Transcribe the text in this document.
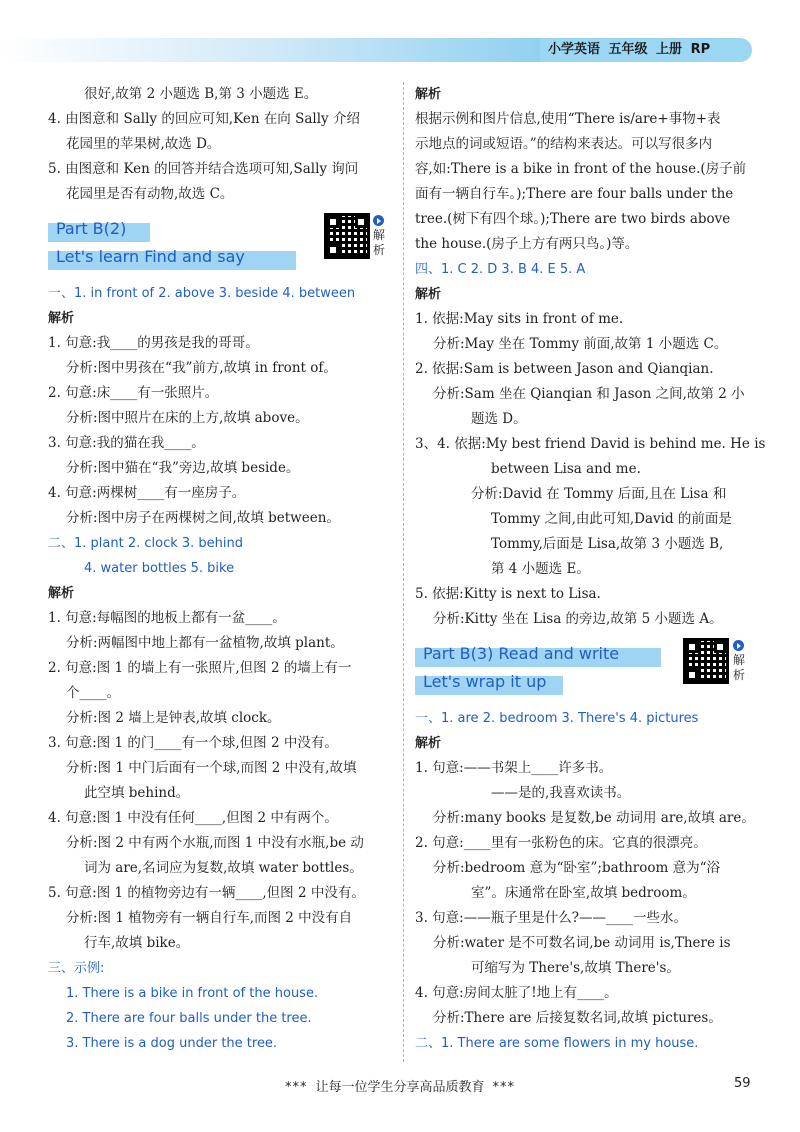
小学英语 五年级 上册 RP
很好,故第 2 小题选 B,第 3 小题选 E。
4. 由图意和 Sally 的回应可知,Ken 在向 Sally 介绍
花园里的苹果树,故选 D。
5. 由图意和 Ken 的回答并结合选项可知,Sally 询问
花园里是否有动物,故选 C。
Part B(2)
Let's learn Find and say
解析
一、1. in front of 2. above 3. beside 4. between
解析
1. 句意:我____的男孩是我的哥哥。
分析:图中男孩在“我”前方,故填 in front of。
2. 句意:床____有一张照片。
分析:图中照片在床的上方,故填 above。
3. 句意:我的猫在我____。
分析:图中猫在“我”旁边,故填 beside。
4. 句意:两棵树____有一座房子。
分析:图中房子在两棵树之间,故填 between。
二、1. plant 2. clock 3. behind
4. water bottles 5. bike
解析
1. 句意:每幅图的地板上都有一盆____。
分析:两幅图中地上都有一盆植物,故填 plant。
2. 句意:图 1 的墙上有一张照片,但图 2 的墙上有一
个____。
分析:图 2 墙上是钟表,故填 clock。
3. 句意:图 1 的门____有一个球,但图 2 中没有。
分析:图 1 中门后面有一个球,而图 2 中没有,故填
此空填 behind。
4. 句意:图 1 中没有任何____,但图 2 中有两个。
分析:图 2 中有两个水瓶,而图 1 中没有水瓶,be 动
词为 are,名词应为复数,故填 water bottles。
5. 句意:图 1 的植物旁边有一辆____,但图 2 中没有。
分析:图 1 植物旁有一辆自行车,而图 2 中没有自
行车,故填 bike。
三、示例:
1. There is a bike in front of the house.
2. There are four balls under the tree.
3. There is a dog under the tree.
解析
根据示例和图片信息,使用“There is/are+事物+表
示地点的词或短语。”的结构来表达。可以写很多内
容,如:There is a bike in front of the house.(房子前
面有一辆自行车。);There are four balls under the
tree.(树下有四个球。);There are two birds above
the house.(房子上方有两只鸟。)等。
四、1. C 2. D 3. B 4. E 5. A
解析
1. 依据:May sits in front of me.
分析:May 坐在 Tommy 前面,故第 1 小题选 C。
2. 依据:Sam is between Jason and Qianqian.
分析:Sam 坐在 Qianqian 和 Jason 之间,故第 2 小
题选 D。
3、4. 依据:My best friend David is behind me. He is
between Lisa and me.
分析:David 在 Tommy 后面,且在 Lisa 和
Tommy 之间,由此可知,David 的前面是
Tommy,后面是 Lisa,故第 3 小题选 B,
第 4 小题选 E。
5. 依据:Kitty is next to Lisa.
分析:Kitty 坐在 Lisa 的旁边,故第 5 小题选 A。
Part B(3) Read and write
Let's wrap it up
解析
一、1. are 2. bedroom 3. There's 4. pictures
解析
1. 句意:——书架上____许多书。
——是的,我喜欢读书。
分析:many books 是复数,be 动词用 are,故填 are。
2. 句意:____里有一张粉色的床。它真的很漂亮。
分析:bedroom 意为“卧室”;bathroom 意为“浴
室”。床通常在卧室,故填 bedroom。
3. 句意:——瓶子里是什么?——____一些水。
分析:water 是不可数名词,be 动词用 is,There is
可缩写为 There's,故填 There's。
4. 句意:房间太脏了!地上有____。
分析:There are 后接复数名词,故填 pictures。
二、1. There are some flowers in my house.
*** 让每一位学生分享高品质教育 ***	59
